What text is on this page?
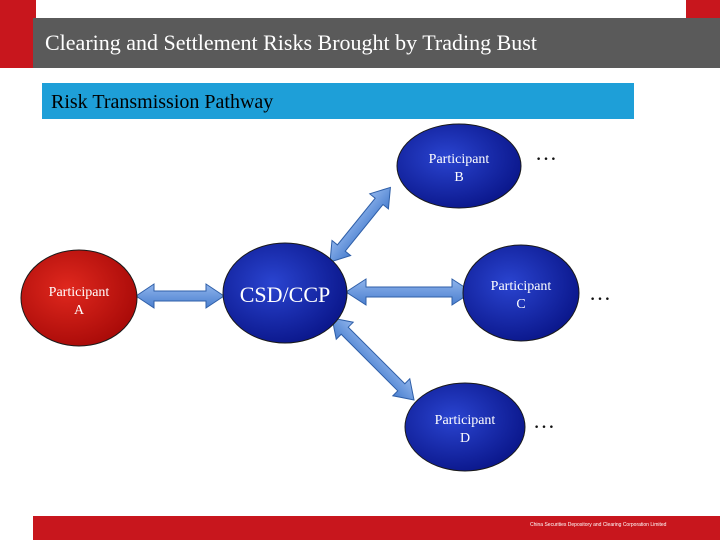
Clearing and Settlement Risks Brought by Trading Bust
Risk Transmission Pathway
Participant
A
CSD/CCP
Participant
B
Participant
C
Participant
D
…
…
…
China Securities Depository and Clearing Corporation Limited
